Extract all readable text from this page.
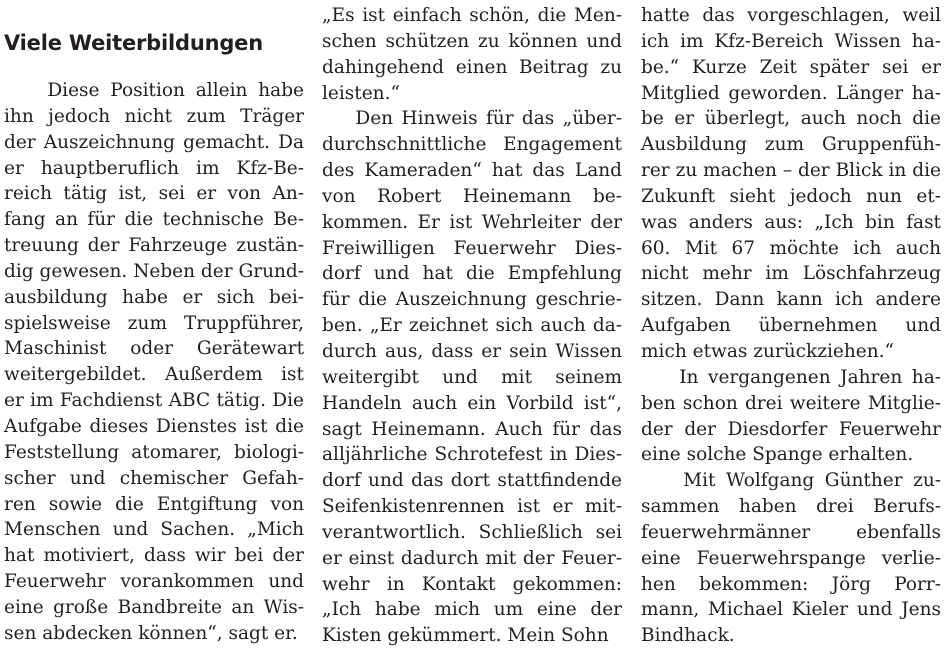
Viele Weiterbildungen

Diese Position allein habe
ihn jedoch nicht zum Träger
der Auszeichnung gemacht. Da
er hauptberuflich im Kfz-Be-
reich tätig ist, sei er von An-
fang an für die technische Be-
treuung der Fahrzeuge zustän-
dig gewesen. Neben der Grund-
ausbildung habe er sich bei-
spielsweise zum Truppführer,
Maschinist oder Gerätewart
weitergebildet. Außerdem ist
er im Fachdienst ABC tätig. Die
Aufgabe dieses Dienstes ist die
Feststellung atomarer, biologi-
scher und chemischer Gefah-
ren sowie die Entgiftung von
Menschen und Sachen. „Mich
hat motiviert, dass wir bei der
Feuerwehr vorankommen und
eine große Bandbreite an Wis-
sen abdecken können“, sagt er.

„Es ist einfach schön, die Men-
schen schützen zu können und
dahingehend einen Beitrag zu
leisten.“

Den Hinweis für das „über-
durchschnittliche Engagement
des Kameraden“ hat das Land
von Robert Heinemann be-
kommen. Er ist Wehrleiter der
Freiwilligen Feuerwehr Dies-
dorf und hat die Empfehlung
für die Auszeichnung geschrie-
ben. „Er zeichnet sich auch da-
durch aus, dass er sein Wissen
weitergibt und mit seinem
Handeln auch ein Vorbild ist“,
sagt Heinemann. Auch für das
alljährliche Schrotefest in Dies-
dorf und das dort stattfindende
Seifenkistenrennen ist er mit-
verantwortlich. Schließlich sei
er einst dadurch mit der Feuer-
wehr in Kontakt gekommen:
„Ich habe mich um eine der
Kisten gekümmert. Mein Sohn

hatte das vorgeschlagen, weil
ich im Kfz-Bereich Wissen ha-
be.“ Kurze Zeit später sei er
Mitglied geworden. Länger ha-
be er überlegt, auch noch die
Ausbildung zum Gruppenfüh-
rer zu machen – der Blick in die
Zukunft sieht jedoch nun et-
was anders aus: „Ich bin fast
60. Mit 67 möchte ich auch
nicht mehr im Löschfahrzeug
sitzen. Dann kann ich andere
Aufgaben übernehmen und
mich etwas zurückziehen.“

In vergangenen Jahren ha-
ben schon drei weitere Mitglie-
der der Diesdorfer Feuerwehr
eine solche Spange erhalten.

Mit Wolfgang Günther zu-
sammen haben drei Berufs-
feuerwehrmänner ebenfalls
eine Feuerwehrspange verlie-
hen bekommen: Jörg Porr-
mann, Michael Kieler und Jens
Bindhack.
